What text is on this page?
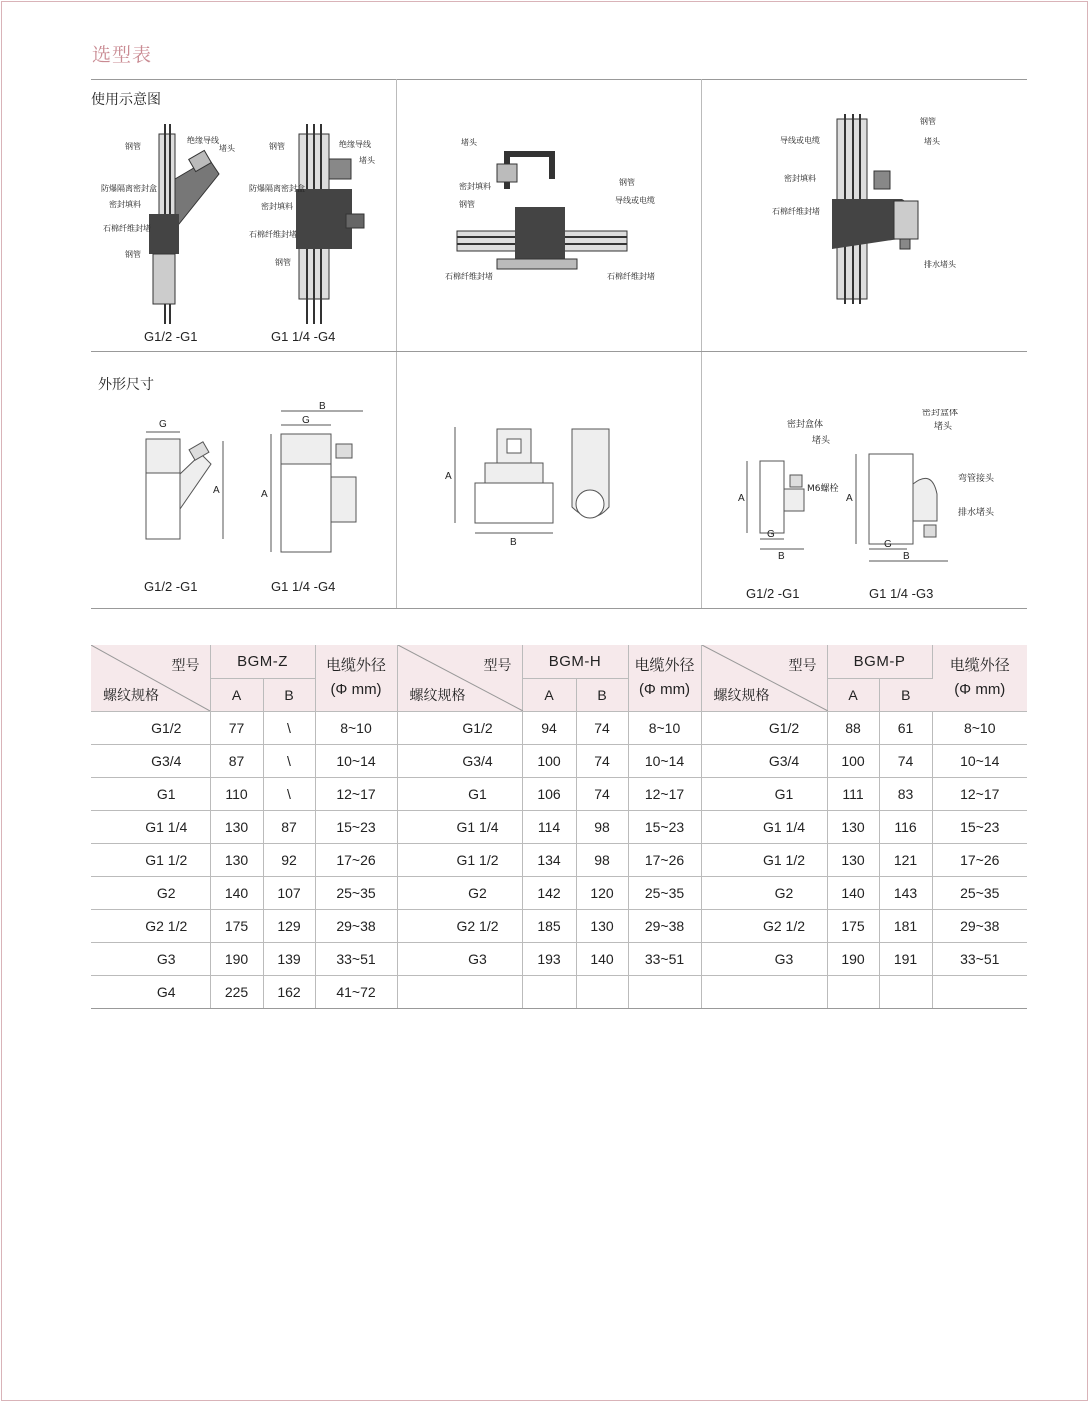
选型表
使用示意图
外形尺寸
钢管
绝缘导线
堵头
防爆隔离密封盒
密封填料
石棉纤维封堵
钢管
钢管	绝缘导线
堵头
防爆隔离密封盒
密封填料
石棉纤维封堵
钢管
G1/2 -G1	G1 1/4 -G4
堵头
密封填料
钢管
钢管
导线或电缆
石棉纤维封堵	石棉纤维封堵
钢管
导线或电缆	堵头
密封填料
石棉纤维封堵
排水堵头
G
A
B
G
A
G1/2 -G1	G1 1/4 -G4
A
B
密封盒体
堵头
M6螺栓
密封盒体
堵头
弯管接头
排水堵头
A
G
B
A
G
B
G1/2 -G1	G1 1/4 -G3
型号
螺纹规格	BGM-Z		电缆外径
(Φ mm)	型号
螺纹规格	BGM-H		电缆外径
(Φ mm)	型号
螺纹规格	BGM-P		电缆外径
(Φ mm)
	A	B			A	B			A	B	
G1/2	77	\	8~10	G1/2	94	74	8~10	G1/2	88	61	8~10
G3/4	87	\	10~14	G3/4	100	74	10~14	G3/4	100	74	10~14
G1	110	\	12~17	G1	106	74	12~17	G1	111	83	12~17
G1 1/4	130	87	15~23	G1 1/4	114	98	15~23	G1 1/4	130	116	15~23
G1 1/2	130	92	17~26	G1 1/2	134	98	17~26	G1 1/2	130	121	17~26
G2	140	107	25~35	G2	142	120	25~35	G2	140	143	25~35
G2 1/2	175	129	29~38	G2 1/2	185	130	29~38	G2 1/2	175	181	29~38
G3	190	139	33~51	G3	193	140	33~51	G3	190	191	33~51
G4	225	162	41~72								
